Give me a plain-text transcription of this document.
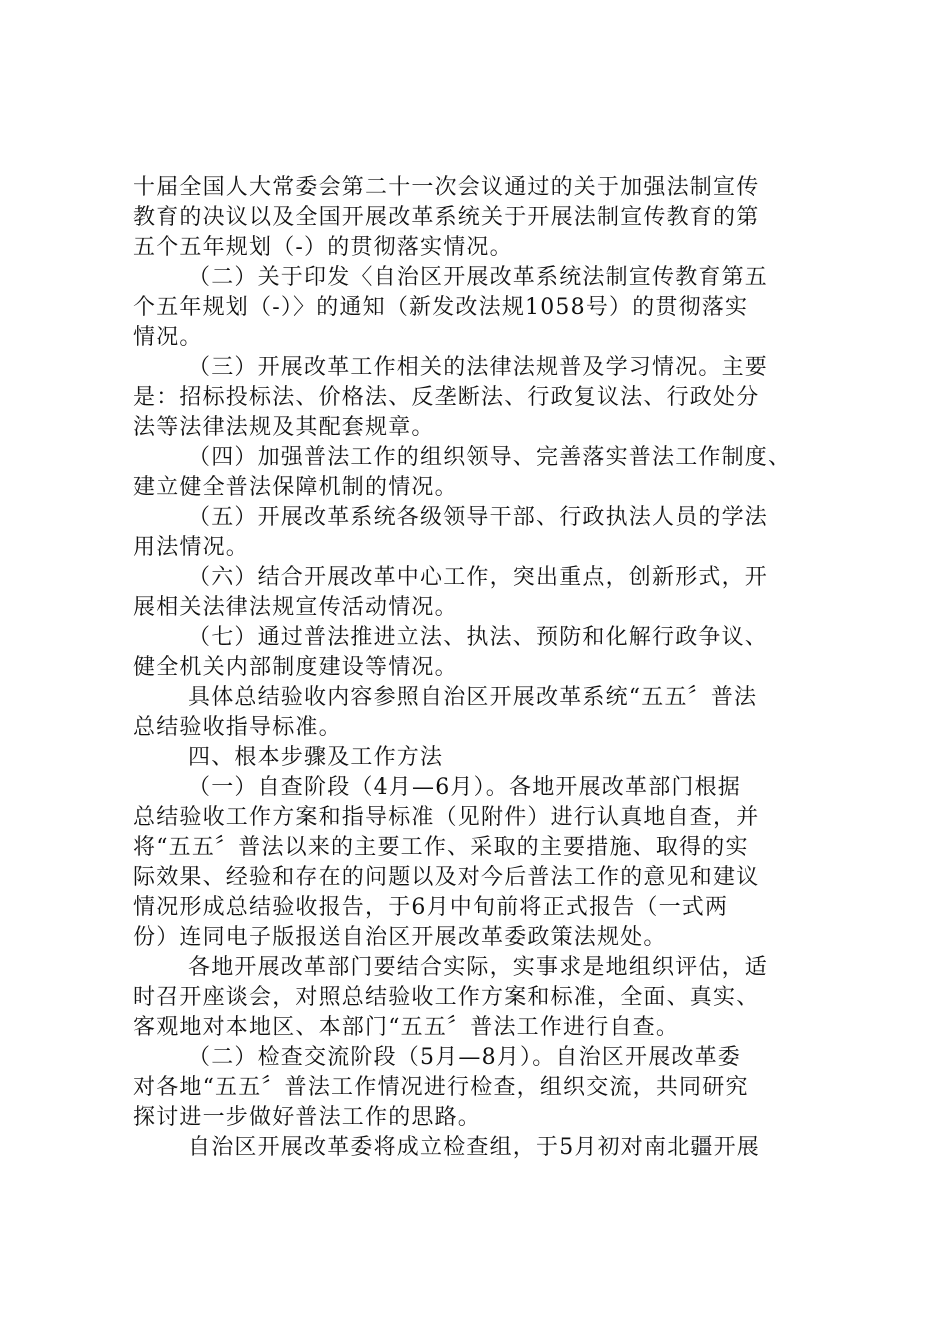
十届全国人大常委会第二十一次会议通过的关于加强法制宣传
教育的决议以及全国开展改革系统关于开展法制宣传教育的第
五个五年规划（-）的贯彻落实情况。
（二）关于印发〈自治区开展改革系统法制宣传教育第五
个五年规划（-）〉的通知（新发改法规1058号）的贯彻落实
情况。
（三）开展改革工作相关的法律法规普及学习情况。主要
是：招标投标法、价格法、反垄断法、行政复议法、行政处分
法等法律法规及其配套规章。
（四）加强普法工作的组织领导、完善落实普法工作制度、
建立健全普法保障机制的情况。
（五）开展改革系统各级领导干部、行政执法人员的学法
用法情况。
（六）结合开展改革中心工作，突出重点，创新形式，开
展相关法律法规宣传活动情况。
（七）通过普法推进立法、执法、预防和化解行政争议、
健全机关内部制度建设等情况。
具体总结验收内容参照自治区开展改革系统“五五〞普法
总结验收指导标准。
四、根本步骤及工作方法
（一）自查阶段（4月—6月）。各地开展改革部门根据
总结验收工作方案和指导标准（见附件）进行认真地自查，并
将“五五〞普法以来的主要工作、采取的主要措施、取得的实
际效果、经验和存在的问题以及对今后普法工作的意见和建议
情况形成总结验收报告，于6月中旬前将正式报告（一式两
份）连同电子版报送自治区开展改革委政策法规处。
各地开展改革部门要结合实际，实事求是地组织评估，适
时召开座谈会，对照总结验收工作方案和标准，全面、真实、
客观地对本地区、本部门“五五〞普法工作进行自查。
（二）检查交流阶段（5月—8月）。自治区开展改革委
对各地“五五〞普法工作情况进行检查，组织交流，共同研究
探讨进一步做好普法工作的思路。
自治区开展改革委将成立检查组，于5月初对南北疆开展
